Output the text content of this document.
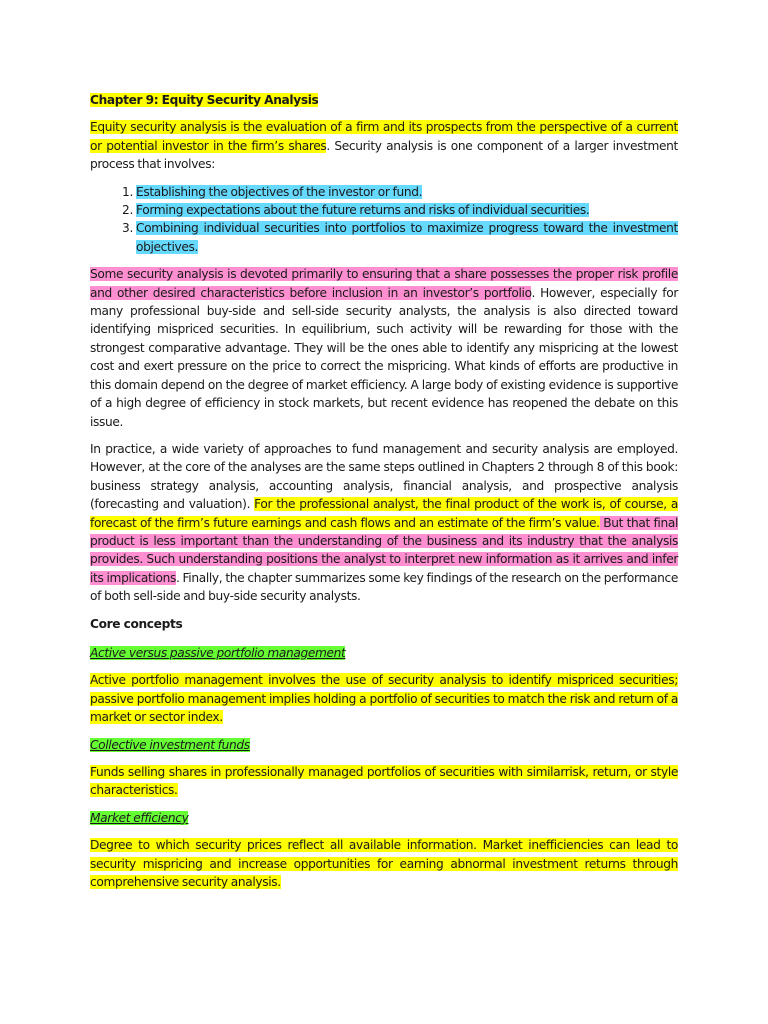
Chapter 9: Equity Security Analysis

Equity security analysis is the evaluation of a firm and its prospects from the perspective of a current or potential investor in the firm’s shares. Security analysis is one component of a larger investment process that involves:

1. Establishing the objectives of the investor or fund.
2. Forming expectations about the future returns and risks of individual securities.
3. Combining individual securities into portfolios to maximize progress toward the investment objectives.

Some security analysis is devoted primarily to ensuring that a share possesses the proper risk profile and other desired characteristics before inclusion in an investor’s portfolio. However, especially for many professional buy-side and sell-side security analysts, the analysis is also directed toward identifying mispriced securities. In equilibrium, such activity will be rewarding for those with the strongest comparative advantage. They will be the ones able to identify any mispricing at the lowest cost and exert pressure on the price to correct the mispricing. What kinds of efforts are productive in this domain depend on the degree of market efficiency. A large body of existing evidence is supportive of a high degree of efficiency in stock markets, but recent evidence has reopened the debate on this issue.

In practice, a wide variety of approaches to fund management and security analysis are employed. However, at the core of the analyses are the same steps outlined in Chapters 2 through 8 of this book: business strategy analysis, accounting analysis, financial analysis, and prospective analysis (forecasting and valuation). For the professional analyst, the final product of the work is, of course, a forecast of the firm’s future earnings and cash flows and an estimate of the firm’s value. But that final product is less important than the understanding of the business and its industry that the analysis provides. Such understanding positions the analyst to interpret new information as it arrives and infer its implications. Finally, the chapter summarizes some key findings of the research on the performance of both sell-side and buy-side security analysts.

Core concepts

Active versus passive portfolio management

Active portfolio management involves the use of security analysis to identify mispriced securities; passive portfolio management implies holding a portfolio of securities to match the risk and return of a market or sector index.

Collective investment funds

Funds selling shares in professionally managed portfolios of securities with similarrisk, return, or style characteristics.

Market efficiency

Degree to which security prices reflect all available information. Market inefficiencies can lead to security mispricing and increase opportunities for earning abnormal investment returns through comprehensive security analysis.
